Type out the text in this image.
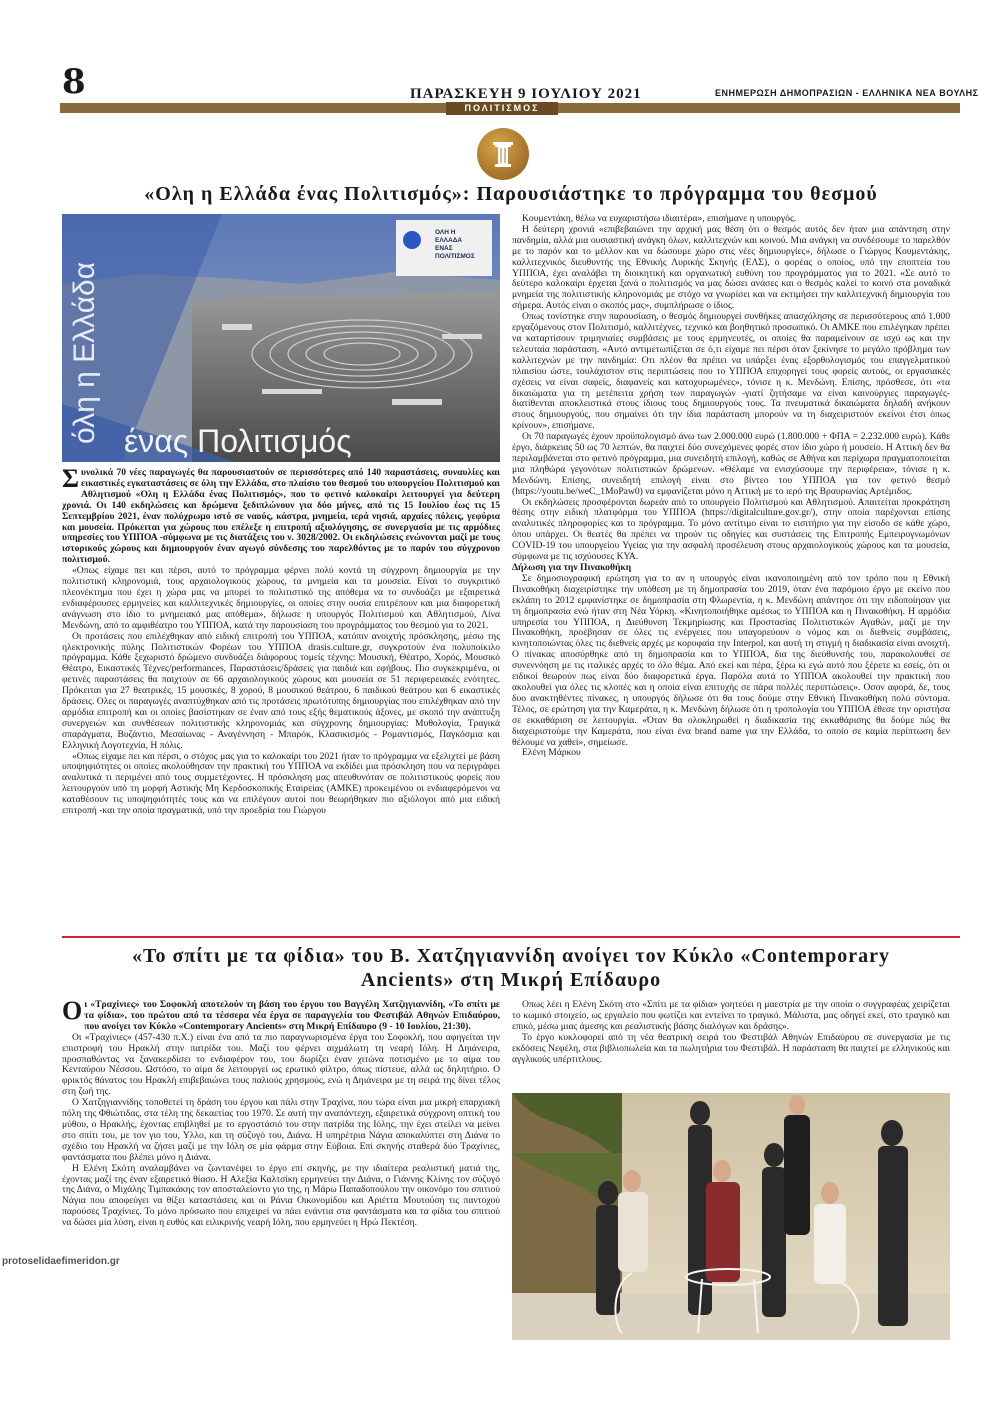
8	ΠΑΡΑΣΚΕΥΗ 9 ΙΟΥΛΙΟΥ 2021	ΕΝΗΜΕΡΩΣΗ ΔΗΜΟΠΡΑΣΙΩΝ - ΕΛΛΗΝΙΚΑ ΝΕΑ ΒΟΥΛΗΣ
ΠΟΛΙΤΙΣΜΟΣ
«Ολη η Ελλάδα ένας Πολιτισμός»: Παρουσιάστηκε το πρόγραμμα του θεσμού
όλη η Ελλάδα ένας Πολιτισμός
ΟΛΗ Η
ΕΛΛΑΔΑ
ΕΝΑΣ
ΠΟΛΙΤΙΣΜΟΣ

Συνολικά 70 νέες παραγωγές θα παρουσιαστούν σε περισσότερες από 140 παραστάσεις, συναυλίες και εικαστικές εγκαταστάσεις σε όλη την Ελλάδα, στο πλαίσιο του θεσμού του υπουργείου Πολιτισμού και Αθλητισμού «Ολη η Ελλάδα ένας Πολιτισμός», που το φετινό καλοκαίρι λειτουργεί για δεύτερη χρονιά. Οι 140 εκδηλώσεις και δρώμενα ξεδιπλώνουν για δύο μήνες, από τις 15 Ιουλίου έως τις 15 Σεπτεμβρίου 2021, έναν πολύχρωμο ιστό σε ναούς, κάστρα, μνημεία, ιερά νησιά, αρχαίες πόλεις, γεφύρια και μουσεία. Πρόκειται για χώρους που επέλεξε η επιτροπή αξιολόγησης, σε συνεργασία με τις αρμόδιες υπηρεσίες του ΥΠΠΟΑ -σύμφωνα με τις διατάξεις του ν. 3028/2002. Οι εκδηλώσεις ενώνονται μαζί με τους ιστορικούς χώρους και δημιουργούν έναν αγωγό σύνδεσης του παρελθόντος με το παρόν του σύγχρονου πολιτισμού.

«Οπως είχαμε πει και πέρσι, αυτό το πρόγραμμα φέρνει πολύ κοντά τη σύγχρονη δημιουργία με την πολιτιστική κληρονομιά, τους αρχαιολογικούς χώρους, τα μνημεία και τα μουσεία. Είναι το συγκριτικό πλεονέκτημα που έχει η χώρα μας να μπορεί το πολιτιστικό της απόθεμα να το συνδυάζει με εξαιρετικά ενδιαφέρουσες ερμηνείες και καλλιτεχνικές δημιουργίες, οι οποίες στην ουσία επιτρέπουν και μια διαφορετική ανάγνωση στο ίδιο το μνημειακό μας απόθεμα», δήλωσε η υπουργός Πολιτισμού και Αθλητισμού, Λίνα Μενδώνη, από το αμφιθέατρο του ΥΠΠΟΑ, κατά την παρουσίαση του προγράμματος του θεσμού για το 2021.

Οι προτάσεις που επιλέχθηκαν από ειδική επιτροπή του ΥΠΠΟΑ, κατόπιν ανοιχτής πρόσκλησης, μέσω της ηλεκτρονικής πύλης Πολιτιστικών Φορέων του ΥΠΠΟΑ drasis.culture.gr, συγκροτούν ένα πολυποίκιλο πρόγραμμα. Κάθε ξεχωριστό δρώμενο συνδυάζει διάφορους τομείς τέχνης: Μουσική, Θέατρο, Χορός, Μουσικό Θέατρο, Εικαστικές Τέχνες/performances, Παραστάσεις/δράσεις για παιδιά και εφήβους. Πιο συγκεκριμένα, οι φετινές παραστάσεις θα παιχτούν σε 66 αρχαιολογικούς χώρους και μουσεία σε 51 περιφερειακές ενότητες. Πρόκειται για 27 θεατρικές, 15 μουσικές, 8 χορού, 8 μουσικού θεάτρου, 6 παιδικού θεάτρου και 6 εικαστικές δράσεις. Ολες οι παραγωγές αναπτύχθηκαν από τις προτάσεις πρωτότυπης δημιουργίας που επιλέχθηκαν από την αρμόδια επιτροπή και οι οποίες βασίστηκαν σε έναν από τους εξής θεματικούς άξονες, με σκοπό την ανάπτυξη συνεργειών και συνθέσεων πολιτιστικής κληρονομιάς και σύγχρονης δημιουργίας: Μυθολογία, Τραγικά σπαράγματα, Βυζάντιο, Μεσαίωνας - Αναγέννηση - Μπαρόκ, Κλασικισμός - Ρομαντισμός, Παγκόσμια και Ελληνική Λογοτεχνία, Η πόλις.

«Οπως είχαμε πει και πέρσι, ο στόχος μας για το καλοκαίρι του 2021 ήταν το πρόγραμμα να εξελιχτεί με βάση υποψηφιότητες οι οποίες ακολούθησαν την πρακτική του ΥΠΠΟΑ να εκδίδει μια πρόσκληση που να περιγράφει αναλυτικά τι περιμένει από τους συμμετέχοντες. Η πρόσκληση μας απευθυνόταν σε πολιτιστικούς φορείς που λειτουργούν υπό τη μορφή Αστικής Μη Κερδοσκοπικής Εταιρείας (ΑΜΚΕ) προκειμένου οι ενδιαφερόμενοι να καταθέσουν τις υποψηφιότητές τους και να επιλέγουν αυτοί που θεωρήθηκαν πιο αξιόλογοι από μια ειδική επιτροπή -και την οποία πραγματικά, υπό την προεδρία του Γιώργου

Κουμεντάκη, θέλω να ευχαριστήσω ιδιαιτέρα», επισήμανε η υπουργός.

Η δεύτερη χρονιά «επιβεβαιώνει την αρχική μας θέση ότι ο θεσμός αυτός δεν ήταν μια απάντηση στην πανδημία, αλλά μια ουσιαστική ανάγκη όλων, καλλιτεχνών και κοινού. Μια ανάγκη να συνδέσουμε το παρελθόν με το παρόν και το μέλλον και να δώσουμε χώρο στις νέες δημιουργίες», δήλωσε ο Γιώργος Κουμεντάκης, καλλιτεχνικός διευθυντής της Εθνικής Λυρικής Σκηνής (ΕΛΣ), ο φορέας ο οποίος, υπό την εποπτεία του ΥΠΠΟΑ, έχει αναλάβει τη διοικητική και οργανωτική ευθύνη του προγράμματος για το 2021. «Σε αυτό το δεύτερο καλοκαίρι έρχεται ξανά ο πολιτισμός να μας δώσει ανάσες και ο θεσμός καλεί το κοινό στα μοναδικά μνημεία της πολιτιστικής κληρονομιάς με στόχο να γνωρίσει και να εκτιμήσει την καλλιτεχνική δημιουργία του σήμερα. Αυτός είναι ο σκοπός μας», συμπλήρωσε ο ίδιος.

Οπως τονίστηκε στην παρουσίαση, ο θεσμός δημιουργεί συνθήκες απασχόλησης σε περισσότερους από 1.000 εργαζόμενους στον Πολιτισμό, καλλιτέχνες, τεχνικό και βοηθητικό προσωπικό. Οι ΑΜΚΕ που επιλέγηκαν πρέπει να καταρτίσουν τριμηνιαίες συμβάσεις με τους ερμηνευτές, οι οποίες θα παραμείνουν σε ισχύ ως και την τελευταία παράσταση. «Αυτό αντιμετωπίζεται σε ό,τι είχαμε πει πέρσι όταν ξεκίνησε το μεγάλο πρόβλημα των καλλιτεχνών με την πανδημία: Οτι πλέον θα πρέπει να υπάρξει ένας εξορθολογισμός του επαγγελματικού πλαισίου ώστε, τουλάχιστον στις περιπτώσεις που το ΥΠΠΟΑ επιχορηγεί τους φορείς αυτούς, οι εργασιακές σχέσεις να είναι σαφείς, διαφανείς και κατοχυρωμένες», τόνισε η κ. Μενδώνη. Επίσης, πρόσθεσε, ότι «τα δικαιώματα για τη μετέπειτα χρήση των παραγωγών -γιατί ζητήσαμε να είναι καινούργιες παραγωγές- διατίθενται αποκλειστικά στους ίδιους τους δημιουργούς τους. Τα πνευματικά δικαιώματα δηλαδή ανήκουν στους δημιουργούς, που σημαίνει ότι την ίδια παράσταση μπορούν να τη διαχειριστούν εκείνοι έτσι όπως κρίνουν», επισήμανε.

Οι 70 παραγωγές έχουν προϋπολογισμό άνω των 2.000.000 ευρώ (1.800.000 + ΦΠΑ = 2.232.000 ευρώ). Κάθε έργο, διάρκειας 50 ως 70 λεπτών, θα παιχτεί δύο συνεχόμενες φορές στον ίδιο χώρο ή μουσείο. Η Αττική δεν θα περιλαμβάνεται στο φετινό πρόγραμμα, μια συνειδητή επιλογή, καθώς σε Αθήνα και περίχωρα πραγματοποιείται μια πληθώρα γεγονότων πολιτιστικών δρώμενων. «Θέλαμε να ενισχύσουμε την περιφέρεια», τόνισε η κ. Μενδώνη. Επίσης, συνειδητή επιλογή είναι στο βίντεο του ΥΠΠΟΑ για τον φετινό θεσμό (https://youtu.be/weC_1MoPaw0) να εμφανίζεται μόνο η Αττική με το ιερό της Βραυρωνίας Αρτέμιδος.

Οι εκδηλώσεις προσφέρονται δωρεάν από το υπουργείο Πολιτισμού και Αθλητισμού. Απαιτείται προκράτηση θέσης στην ειδική πλατφόρμα του ΥΠΠΟΑ (https://digitalculture.gov.gr/), στην οποία παρέχονται επίσης αναλυτικές πληροφορίες και το πρόγραμμα. Το μόνο αντίτιμο είναι το εισιτήριο για την είσοδο σε κάθε χώρο, όπου υπάρχει. Οι θεατές θα πρέπει να τηρούν τις οδηγίες και συστάσεις της Επιτροπής Εμπειρογνωμόνων COVID-19 του υπουργείου Υγείας για την ασφαλή προσέλευση στους αρχαιολογικούς χώρους και τα μουσεία, σύμφωνα με τις ισχύουσες ΚΥΑ.

Δήλωση για την Πινακοθήκη

Σε δημοσιογραφική ερώτηση για το αν η υπουργός είναι ικανοποιημένη από τον τρόπο που η Εθνική Πινακοθήκη διαχειρίστηκε την υπόθεση με τη δημοπρασία του 2019, όταν ένα παρόμοιο έργο με εκείνο που εκλάπη το 2012 εμφανίστηκε σε δημοπρασία στη Φλωρεντία, η κ. Μενδώνη απάντησε ότι την ειδοποίησαν για τη δημοπρασία ενώ ήταν στη Νέα Υόρκη. «Κινητοποιήθηκε αμέσως το ΥΠΠΟΑ και η Πινακοθήκη. Η αρμόδια υπηρεσία του ΥΠΠΟΑ, η Διεύθυνση Τεκμηρίωσης και Προστασίας Πολιτιστικών Αγαθών, μαζί με την Πινακοθήκη, προέβησαν σε όλες τις ενέργειες που υπαγορεύουν ο νόμος και οι διεθνείς συμβάσεις, κινητοποιώντας όλες τις διεθνείς αρχές με κορυφαία την Interpol, και αυτή τη στιγμή η διαδικασία είναι ανοιχτή. Ο πίνακας αποσύρθηκε από τη δημοπρασία και το ΥΠΠΟΑ, δια της διεύθυνσής του, παρακολουθεί σε συνεννόηση με τις ιταλικές αρχές το όλο θέμα. Από εκεί και πέρα, ξέρω κι εγώ αυτό που ξέρετε κι εσείς, ότι οι ειδικοί θεωρούν πως είναι δύο διαφορετικά έργα. Παρόλα αυτά το ΥΠΠΟΑ ακολουθεί την πρακτική που ακολουθεί για όλες τις κλοπές και η οποία είναι επιτυχής σε πάρα πολλές περιπτώσεις». Οσον αφορά, δε, τους δυο ανακτηθέντες πίνακες, η υπουργός δήλωσε ότι θα τους δούμε στην Εθνική Πινακοθήκη πολύ σύντομα. Τέλος, σε ερώτηση για την Καμεράτα, η κ. Μενδώνη δήλωσε ότι η τροπολογία του ΥΠΠΟΑ έθεσε την οριστήσα σε εκκαθάριση σε λειτουργία. «Όταν θα ολοκληρωθεί η διαδικασία της εκκαθάρισης θα δούμε πώς θα διαχειριστούμε την Καμεράτα, που είναι ένα brand name για την Ελλάδα, το οποίο σε καμία περίπτωση δεν θέλουμε να χαθεί», σημείωσε.

Ελένη Μάρκου

«Το σπίτι με τα φίδια» του Β. Χατζηγιαννίδη ανοίγει τον Κύκλο «Contemporary
Ancients» στη Μικρή Επίδαυρο

Οι «Τραχίνιες» του Σοφοκλή αποτελούν τη βάση του έργου του Βαγγέλη Χατζηγιαννίδη, «Το σπίτι με τα φίδια», του πρώτου από τα τέσσερα νέα έργα σε παραγγελία του Φεστιβάλ Αθηνών Επιδαύρου, που ανοίγει τον Κύκλο «Contemporary Ancients» στη Μικρή Επίδαυρο (9 - 10 Ιουλίου, 21:30).

Οι «Τραχίνιες» (457-430 π.Χ.) είναι ένα από τα πιο παραγνωρισμένα έργα του Σοφοκλή, που αφηγείται την επιστροφή του Ηρακλή στην πατρίδα του. Μαζί του φέρνει αιχμάλωτη τη νεαρή Ιόλη. Η Δηιάνειρα, προσπαθώντας να ξανακερδίσει το ενδιαφέρον του, του δωρίζει έναν χιτώνα ποτισμένο με το αίμα του Κενταύρου Νέσσου. Ωστόσο, το αίμα δε λειτουργεί ως ερωτικό φίλτρο, όπως πίστευε, αλλά ως δηλητήριο. Ο φρικτός θάνατος του Ηρακλή επιβεβαιώνει τους παλιούς χρησμούς, ενώ η Δηιάνειρα με τη σειρά της δίνει τέλος στη ζωή της.

Ο Χατζηγιαννίδης τοποθετεί τη δράση του έργου και πάλι στην Τραχίνα, που τώρα είναι μια μικρή επαρχιακή πόλη της Φθιώτιδας, στα τέλη της δεκαετίας του 1970. Σε αυτή την αναπάντεχη, εξαιρετικά σύγχρονη οπτική του μύθου, ο Ηρακλής, έχοντας επιβληθεί με το εργοστάσιό του στην πατρίδα της Ιόλης, την έχει στείλει να μείνει στο σπίτι του, με τον γιο του, Υλλο, και τη σύζυγό του, Διάνα. Η υπηρέτρια Νάγια αποκαλύπτει στη Διάνα το σχέδιο του Ηρακλή να ζήσει μαζί με την Ιόλη σε μία φάρμα στην Εύβοια. Επί σκηνής σταθερά δύο Τραχίνιες, φαντάσματα που βλέπει μόνο η Διάνα.

Η Ελένη Σκότη αναλαμβάνει να ζωντανέψει το έργο επί σκηνής, με την ιδιαίτερα ρεαλιστική ματιά της, έχοντας μαζί της έναν εξαιρετικό θίασο. Η Αλεξία Καλτσίκη ερμηνεύει την Διάνα, ο Γιάννης Κλίνης τον σύζυγό της Διάνα, ο Μιχάλης Τιμπακάκης τον αποσταλείοντο γιο της, η Μάρω Παπαδοπούλου την οικονόμο του σπιτιού Νάγια που αποφεύγει να θίξει καταστάσεις και οι Ράνια Οικονομίδου και Αριέττα Μουτούση τις παντοχού παρούσες Τραχίνιες. Το μόνο πρόσωπο που επιχειρεί να πάει ενάντια στα φαντάσματα και τα φίδια του σπιτιού να δώσει μία λύση, είναι η ευθύς και ειλικρινής νεαρή Ιόλη, που ερμηνεύει η Ηρώ Πεκτέση.

Οπως λέει η Ελένη Σκότη στο «Σπίτι με τα φίδια» γοητεύει η μαεστρία με την οποία ο συγγραφέας χειρίζεται το κωμικό στοιχείο, ως εργαλείο που φωτίζει και εντείνει το τραγικό. Μάλιστα, μας οδηγεί εκεί, στο τραγικό και επικό, μέσω μιας άμεσης και ρεαλιστικής βάσης διαλόγων και δράσης».

Το έργο κυκλοφορεί από τη νέα θεατρική σειρά του Φεστιβάλ Αθηνών Επιδαύρου σε συνεργασία με τις εκδόσεις Νεφέλη, στα βιβλιοπωλεία και τα πωλητήρια του Φεστιβάλ. Η παράσταση θα παιχτεί με ελληνικούς και αγγλικούς υπέρτιτλους.

protoselidaefimeridon.gr
